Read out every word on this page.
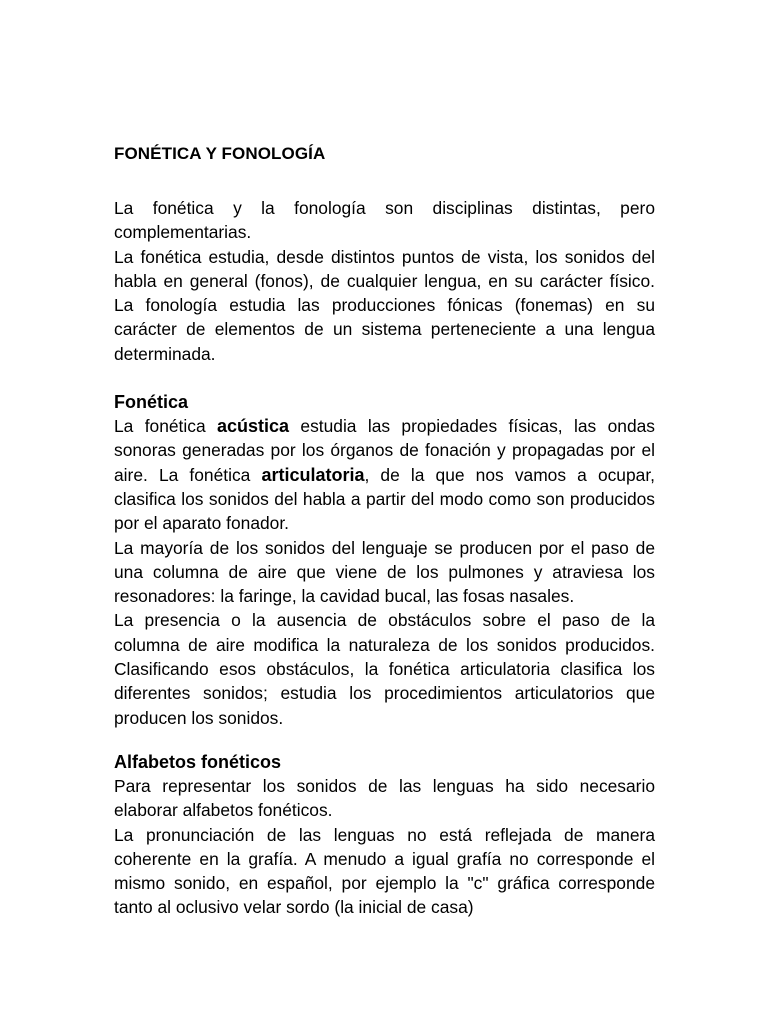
FONÉTICA Y FONOLOGÍA

La fonética y la fonología son disciplinas distintas, pero complementarias.

La fonética estudia, desde distintos puntos de vista, los sonidos del habla en general (fonos), de cualquier lengua, en su carácter físico. La fonología estudia las producciones fónicas (fonemas) en su carácter de elementos de un sistema perteneciente a una lengua determinada.

Fonética

La fonética acústica estudia las propiedades físicas, las ondas sonoras generadas por los órganos de fonación y propagadas por el aire. La fonética articulatoria, de la que nos vamos a ocupar, clasifica los sonidos del habla a partir del modo como son producidos por el aparato fonador.

La mayoría de los sonidos del lenguaje se producen por el paso de una columna de aire que viene de los pulmones y atraviesa los resonadores: la faringe, la cavidad bucal, las fosas nasales.

La presencia o la ausencia de obstáculos sobre el paso de la columna de aire modifica la naturaleza de los sonidos producidos. Clasificando esos obstáculos, la fonética articulatoria clasifica los diferentes sonidos; estudia los procedimientos articulatorios que producen los sonidos.

Alfabetos fonéticos

Para representar los sonidos de las lenguas ha sido necesario elaborar alfabetos fonéticos.

La pronunciación de las lenguas no está reflejada de manera coherente en la grafía. A menudo a igual grafía no corresponde el mismo sonido, en español, por ejemplo la "c" gráfica corresponde tanto al oclusivo velar sordo (la inicial de casa)
